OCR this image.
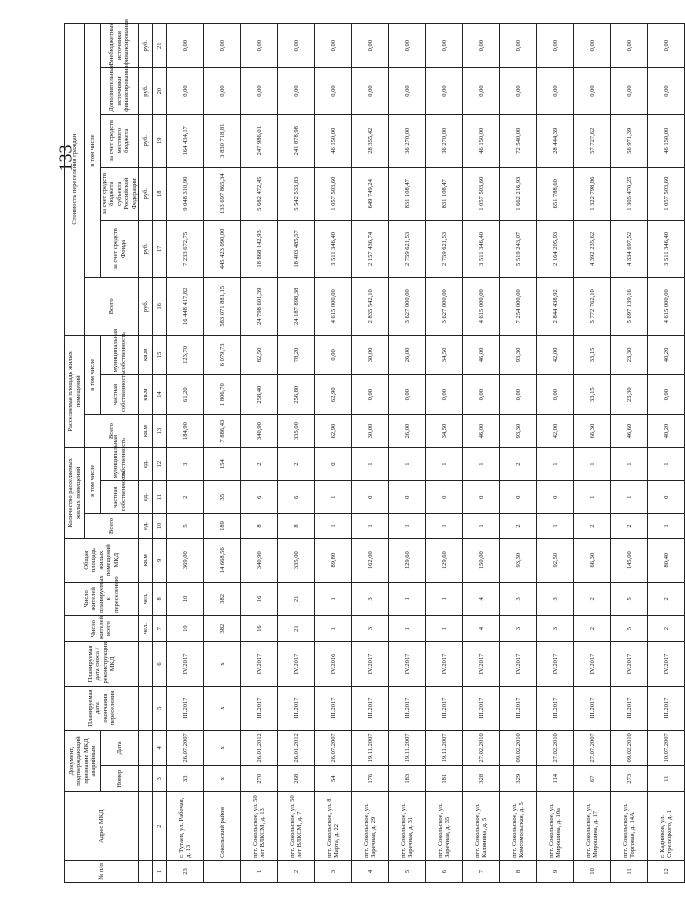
133
№ п/п	Адрес МКД	Документ, подтверждающий признание МКД аварийным		Планируемая дата окончания переселения	Планируемая дата сноса /реконструкции МКД	Число жителей всего	Число жителей планируемых к переселению	Общая площадь жилых помещений МКД	Количество расселяемых жилых помещений			Расселяемая площадь жилых помещений			Стоимость переселения граждан					
									Всего	в том числе		Всего	в том числе		Всего	в том числе				
		Номер	Дата							частная собственность	муниципальная собственность		частная собственность	муниципальная собственность		за счет средств Фонда	за счет средств бюджета субъекта Российской Федерации	за счет средств местного бюджета	Дополнительные источники финансирования	Внебюджетные источники финансирования

						чел.	чел.	кв.м	ед.	ед.	ед.	кв.м	кв.м	кв.м	руб.	руб.	руб.	руб.	руб.	руб.
1	2	3	4	5	6	7	8	9	10	11	12	13	14	15	16	17	18	19	20	21
23	г. Тутаев, ул. Рабочая, д. 13	33	26.07.2007	III.2017	IV.2017	10	10	369,00	5	2	3	184,90	61,20	123,70	16 448 417,82	7 233 672,75	9 048 310,90	164 434,17	0,00	0,00
	Сокольский район	x	x	x	x	382	382	14 668,56	189	35	154	7 886,43	1 806,70	6 079,73	583 071 881,15	445 423 090,00	133 697 865,34	3 830 718,81	0,00	0,00
1	пгт. Сокольское, ул. 50 лет ВЛКСМ, д. 13	270	26.01.2012	III.2017	IV.2017	16	16	340,90	8	6	2	340,90	258,40	82,50	24 798 601,39	18 868 142,93	5 682 472,45	247 986,01	0,00	0,00
2	пгт. Сокольское, ул. 50 лет ВЛКСМ, д. 7	268	26.01.2012	III.2017	IV.2017	21	21	335,00	8	6	2	335,00	256,80	78,20	24 187 898,38	18 403 485,57	5 542 533,83	241 878,98	0,00	0,00
3	пгт. Сокольское, ул. 8 Марта, д. 22	54	26.07.2007	III.2017	IV.2016	1	1	89,80	1	1	0	62,90	62,90	0,00	4 615 000,00	3 511 346,40	1 057 503,60	46 150,00	0,00	0,00
4	пгт. Сокольское, ул. Заречная, д. 29	176	19.11.2007	III.2017	IV.2017	3	3	162,00	1	0	1	30,00	0,00	30,00	2 835 542,10	2 157 436,74	649 749,24	28 355,42	0,00	0,00
5	пгт. Сокольское, ул. Заречная, д. 31	183	19.11.2007	III.2017	IV.2017	1	1	129,60	1	0	1	26,00	0,00	26,00	3 627 000,00	2 759 621,53	831 108,47	36 270,00	0,00	0,00
6	пгт. Сокольское, ул. Заречная, д. 35	181	19.11.2007	III.2017	IV.2017	1	1	129,60	1	0	1	34,50	0,00	34,50	3 627 000,00	2 759 621,53	831 108,47	36 270,00	0,00	0,00
7	пгт. Сокольское, ул. Калинина, д. 5	328	27.02.2010	III.2017	IV.2017	4	4	150,00	1	0	1	46,00	0,00	46,00	4 615 000,00	3 511 346,40	1 057 503,60	46 150,00	0,00	0,00
8	пгт. Сокольское, ул. Комсомольская, д. 5	329	09.02.2010	III.2017	IV.2017	3	3	93,30	2	0	2	93,30	0,00	93,30	7 254 000,00	5 519 243,07	1 662 216,93	72 540,00	0,00	0,00
9	пгт. Сокольское, ул. Мирошина, д. 10а	114	27.02.2010	III.2017	IV.2017	3	3	92,50	1	0	1	42,00	0,00	42,00	2 844 438,92	2 164 205,93	651 788,60	28 444,39	0,00	0,00
10	пгт. Сокольское, ул. Мирошина, д. 17	67	27.07.2007	III.2017	IV.2017	2	2	66,30	2	1	1	66,30	33,15	33,15	5 772 762,10	4 392 235,62	1 322 798,86	57 727,62	0,00	0,00
11	пгт. Сокольское, ул. Торговая, д. 14А	273	09.02.2010	III.2017	IV.2017	5	5	145,00	2	1	1	46,60	23,30	23,30	5 697 139,16	4 334 697,52	1 305 470,25	56 971,39	0,00	0,00
12	г. Кадников, ул. Стрелецкого, д. 1	11	10.07.2007	III.2017	IV.2017	2	2	80,40	1	0	1	40,20	0,00	40,20	4 615 000,00	3 511 346,40	1 057 503,60	46 150,00	0,00	0,00
